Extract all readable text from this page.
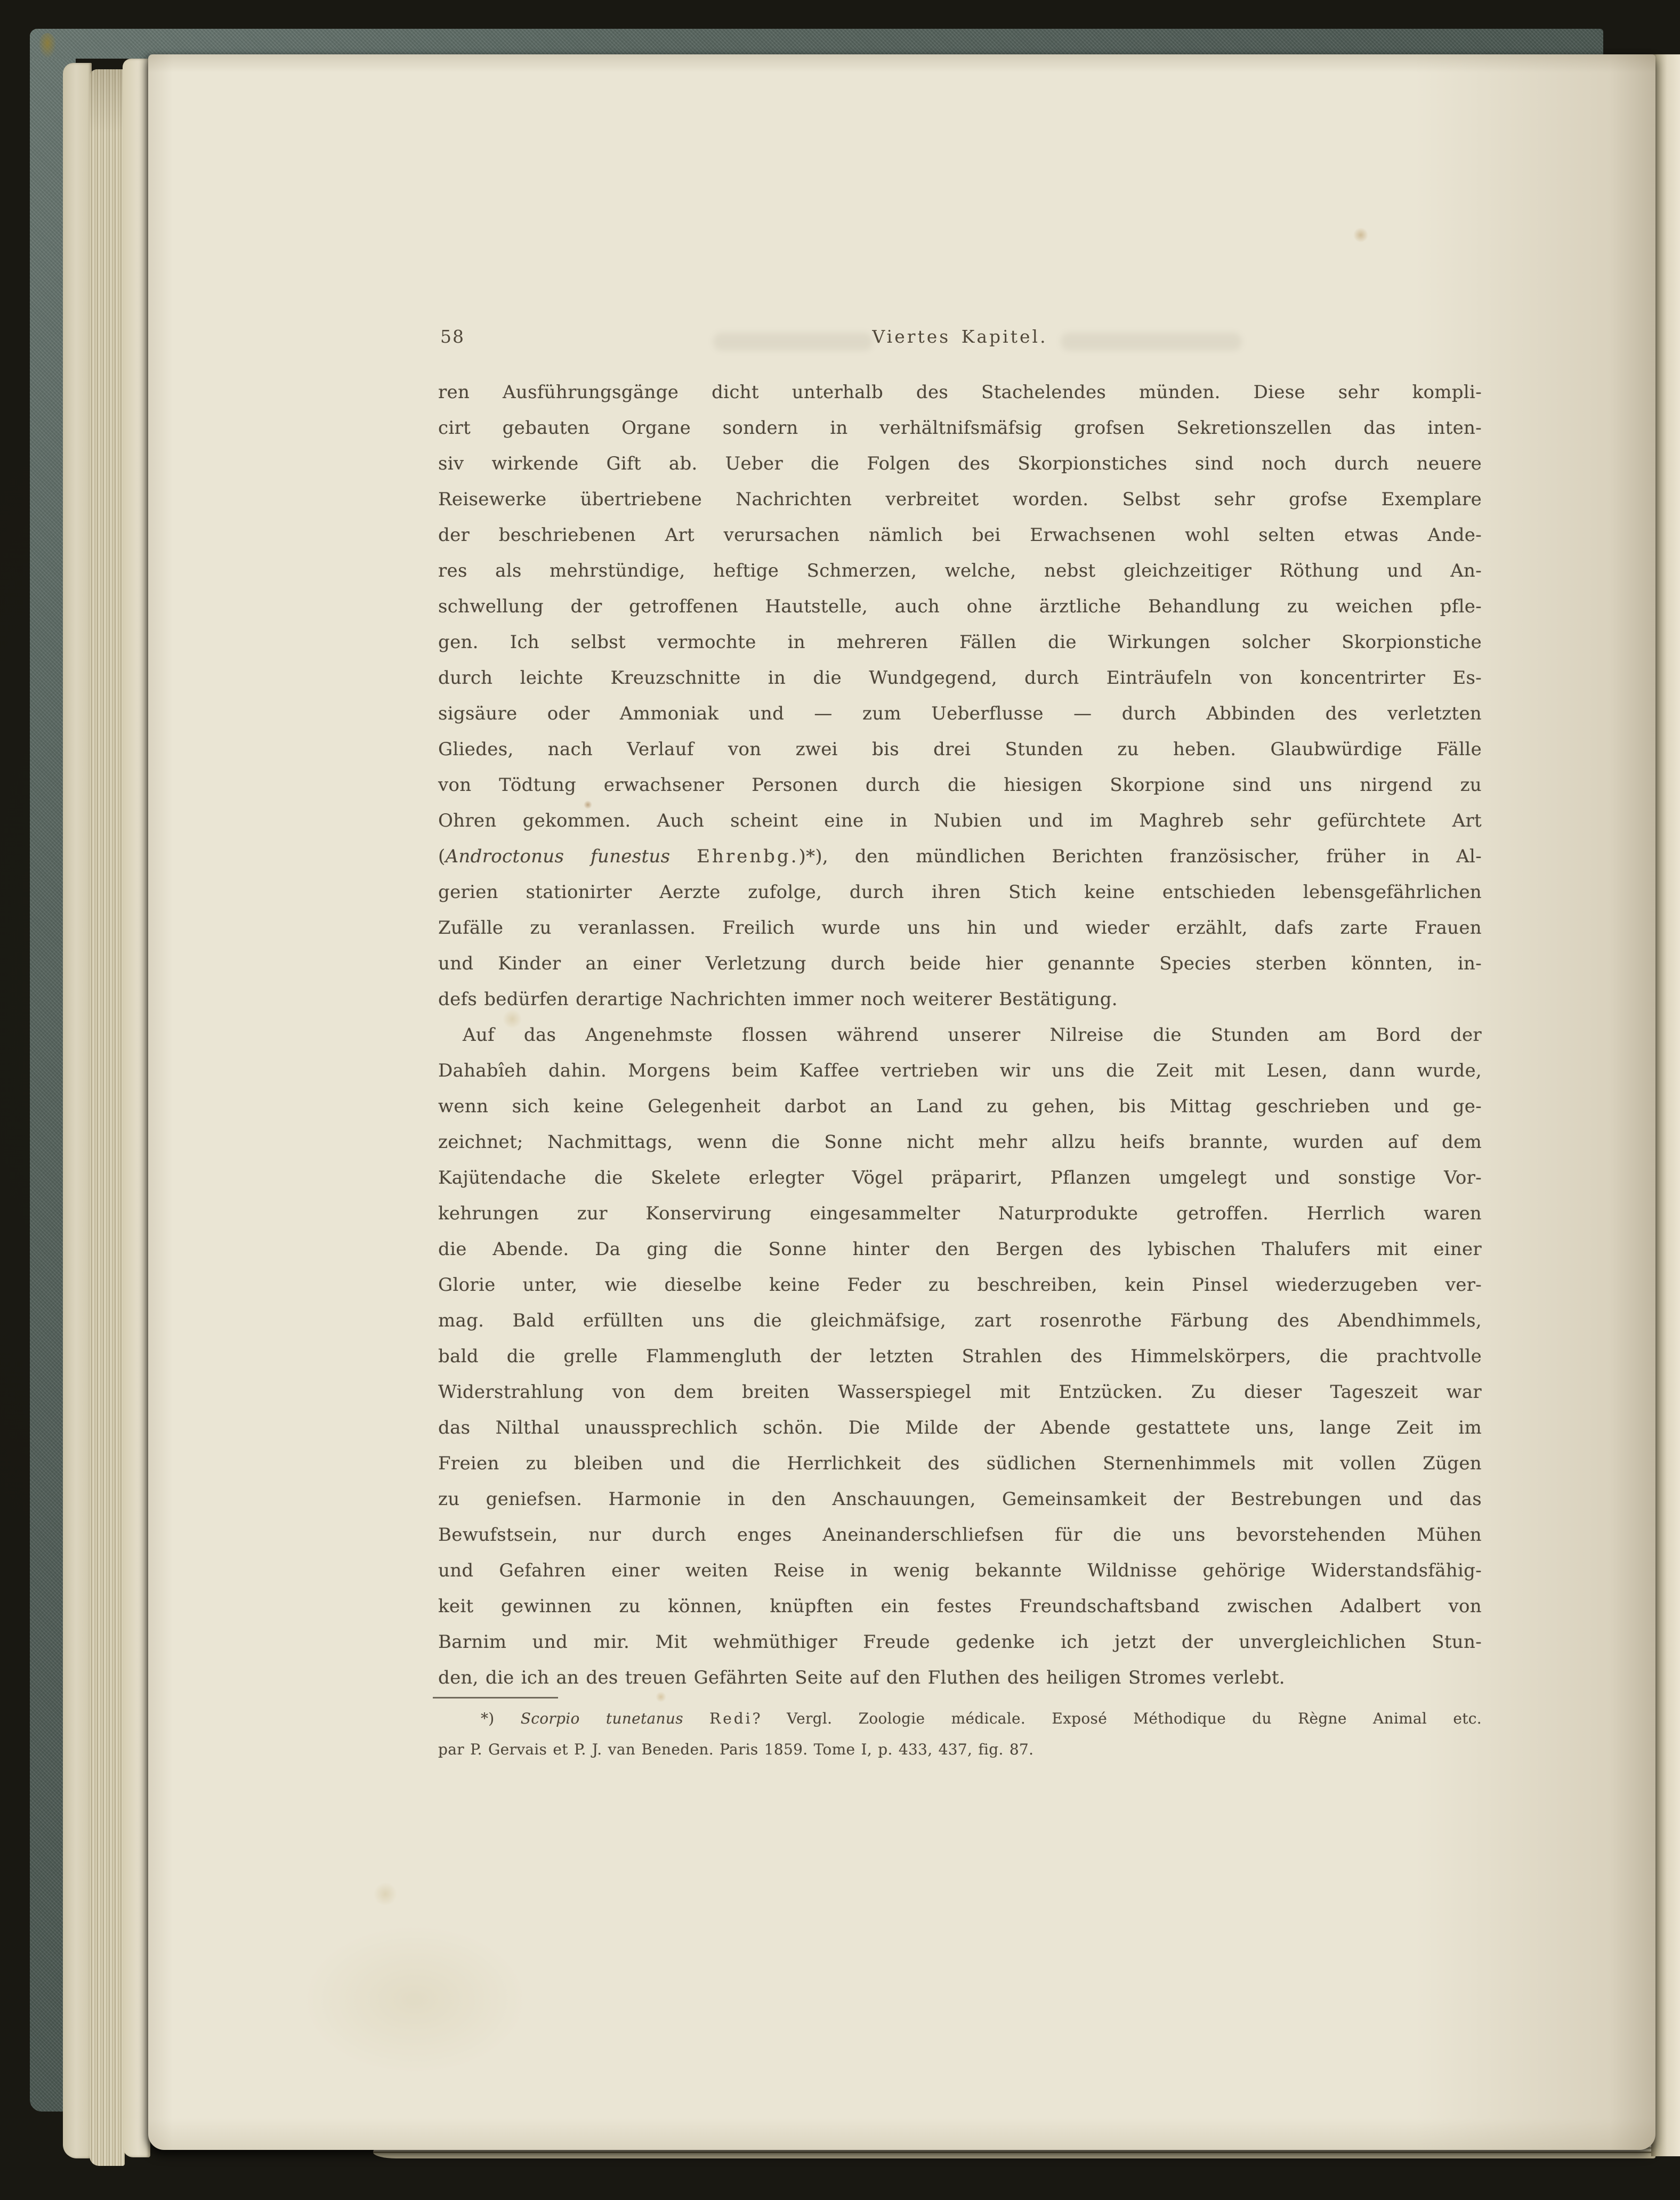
58	Viertes Kapitel.
ren Ausführungsgänge dicht unterhalb des Stachelendes münden. Diese sehr kompli-
cirt gebauten Organe sondern in verhältnifsmäfsig grofsen Sekretionszellen das inten-
siv wirkende Gift ab. Ueber die Folgen des Skorpionstiches sind noch durch neuere
Reisewerke übertriebene Nachrichten verbreitet worden. Selbst sehr grofse Exemplare
der beschriebenen Art verursachen nämlich bei Erwachsenen wohl selten etwas Ande-
res als mehrstündige, heftige Schmerzen, welche, nebst gleichzeitiger Röthung und An-
schwellung der getroffenen Hautstelle, auch ohne ärztliche Behandlung zu weichen pfle-
gen. Ich selbst vermochte in mehreren Fällen die Wirkungen solcher Skorpionstiche
durch leichte Kreuzschnitte in die Wundgegend, durch Einträufeln von koncentrirter Es-
sigsäure oder Ammoniak und — zum Ueberflusse — durch Abbinden des verletzten
Gliedes, nach Verlauf von zwei bis drei Stunden zu heben. Glaubwürdige Fälle
von Tödtung erwachsener Personen durch die hiesigen Skorpione sind uns nirgend zu
Ohren gekommen. Auch scheint eine in Nubien und im Maghreb sehr gefürchtete Art
(Androctonus funestus Ehrenbg.)*), den mündlichen Berichten französischer, früher in Al-
gerien stationirter Aerzte zufolge, durch ihren Stich keine entschieden lebensgefährlichen
Zufälle zu veranlassen. Freilich wurde uns hin und wieder erzählt, dafs zarte Frauen
und Kinder an einer Verletzung durch beide hier genannte Species sterben könnten, in-
defs bedürfen derartige Nachrichten immer noch weiterer Bestätigung.
Auf das Angenehmste flossen während unserer Nilreise die Stunden am Bord der
Dahabîeh dahin. Morgens beim Kaffee vertrieben wir uns die Zeit mit Lesen, dann wurde,
wenn sich keine Gelegenheit darbot an Land zu gehen, bis Mittag geschrieben und ge-
zeichnet; Nachmittags, wenn die Sonne nicht mehr allzu heifs brannte, wurden auf dem
Kajütendache die Skelete erlegter Vögel präparirt, Pflanzen umgelegt und sonstige Vor-
kehrungen zur Konservirung eingesammelter Naturprodukte getroffen. Herrlich waren
die Abende. Da ging die Sonne hinter den Bergen des lybischen Thalufers mit einer
Glorie unter, wie dieselbe keine Feder zu beschreiben, kein Pinsel wiederzugeben ver-
mag. Bald erfüllten uns die gleichmäfsige, zart rosenrothe Färbung des Abendhimmels,
bald die grelle Flammengluth der letzten Strahlen des Himmelskörpers, die prachtvolle
Widerstrahlung von dem breiten Wasserspiegel mit Entzücken. Zu dieser Tageszeit war
das Nilthal unaussprechlich schön. Die Milde der Abende gestattete uns, lange Zeit im
Freien zu bleiben und die Herrlichkeit des südlichen Sternenhimmels mit vollen Zügen
zu geniefsen. Harmonie in den Anschauungen, Gemeinsamkeit der Bestrebungen und das
Bewufstsein, nur durch enges Aneinanderschliefsen für die uns bevorstehenden Mühen
und Gefahren einer weiten Reise in wenig bekannte Wildnisse gehörige Widerstandsfähig-
keit gewinnen zu können, knüpften ein festes Freundschaftsband zwischen Adalbert von
Barnim und mir. Mit wehmüthiger Freude gedenke ich jetzt der unvergleichlichen Stun-
den, die ich an des treuen Gefährten Seite auf den Fluthen des heiligen Stromes verlebt.
*) Scorpio tunetanus Redi? Vergl. Zoologie médicale. Exposé Méthodique du Règne Animal etc.
par P. Gervais et P. J. van Beneden. Paris 1859. Tome I, p. 433, 437, fig. 87.
